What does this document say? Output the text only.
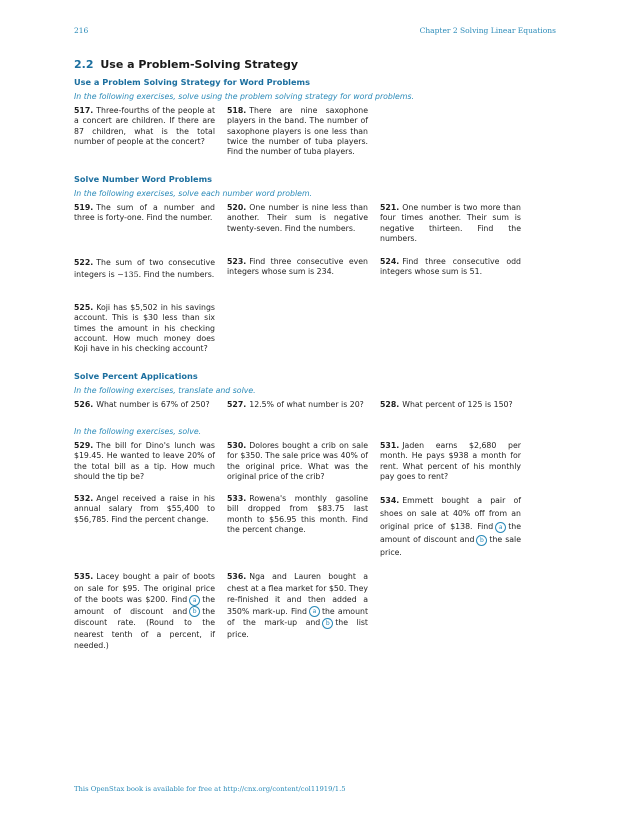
216	Chapter 2 Solving Linear Equations
2.2 Use a Problem-Solving Strategy
Use a Problem Solving Strategy for Word Problems
In the following exercises, solve using the problem solving strategy for word problems.
517. Three-fourths of the people at a concert are children. If there are 87 children, what is the total number of people at the concert?
518. There are nine saxophone players in the band. The number of saxophone players is one less than twice the number of tuba players. Find the number of tuba players.
Solve Number Word Problems
In the following exercises, solve each number word problem.
519. The sum of a number and three is forty-one. Find the number.
520. One number is nine less than another. Their sum is negative twenty-seven. Find the numbers.
521. One number is two more than four times another. Their sum is negative thirteen. Find the numbers.
522. The sum of two consecutive integers is −135. Find the numbers.
523. Find three consecutive even integers whose sum is 234.
524. Find three consecutive odd integers whose sum is 51.
525. Koji has $5,502 in his savings account. This is $30 less than six times the amount in his checking account. How much money does Koji have in his checking account?
Solve Percent Applications
In the following exercises, translate and solve.
526. What number is 67% of 250?	527. 12.5% of what number is 20?	528. What percent of 125 is 150?
In the following exercises, solve.
529. The bill for Dino's lunch was $19.45. He wanted to leave 20% of the total bill as a tip. How much should the tip be?
530. Dolores bought a crib on sale for $350. The sale price was 40% of the original price. What was the original price of the crib?
531. Jaden earns $2,680 per month. He pays $938 a month for rent. What percent of his monthly pay goes to rent?
532. Angel received a raise in his annual salary from $55,400 to $56,785. Find the percent change.
533. Rowena's monthly gasoline bill dropped from $83.75 last month to $56.95 this month. Find the percent change.
534. Emmett bought a pair of shoes on sale at 40% off from an original price of $138. Find a the amount of discount and b the sale price.
535. Lacey bought a pair of boots on sale for $95. The original price of the boots was $200. Find a the amount of discount and b the discount rate. (Round to the nearest tenth of a percent, if needed.)
536. Nga and Lauren bought a chest at a flea market for $50. They re-finished it and then added a 350% mark-up. Find a the amount of the mark-up and b the list price.
This OpenStax book is available for free at http://cnx.org/content/col11919/1.5
